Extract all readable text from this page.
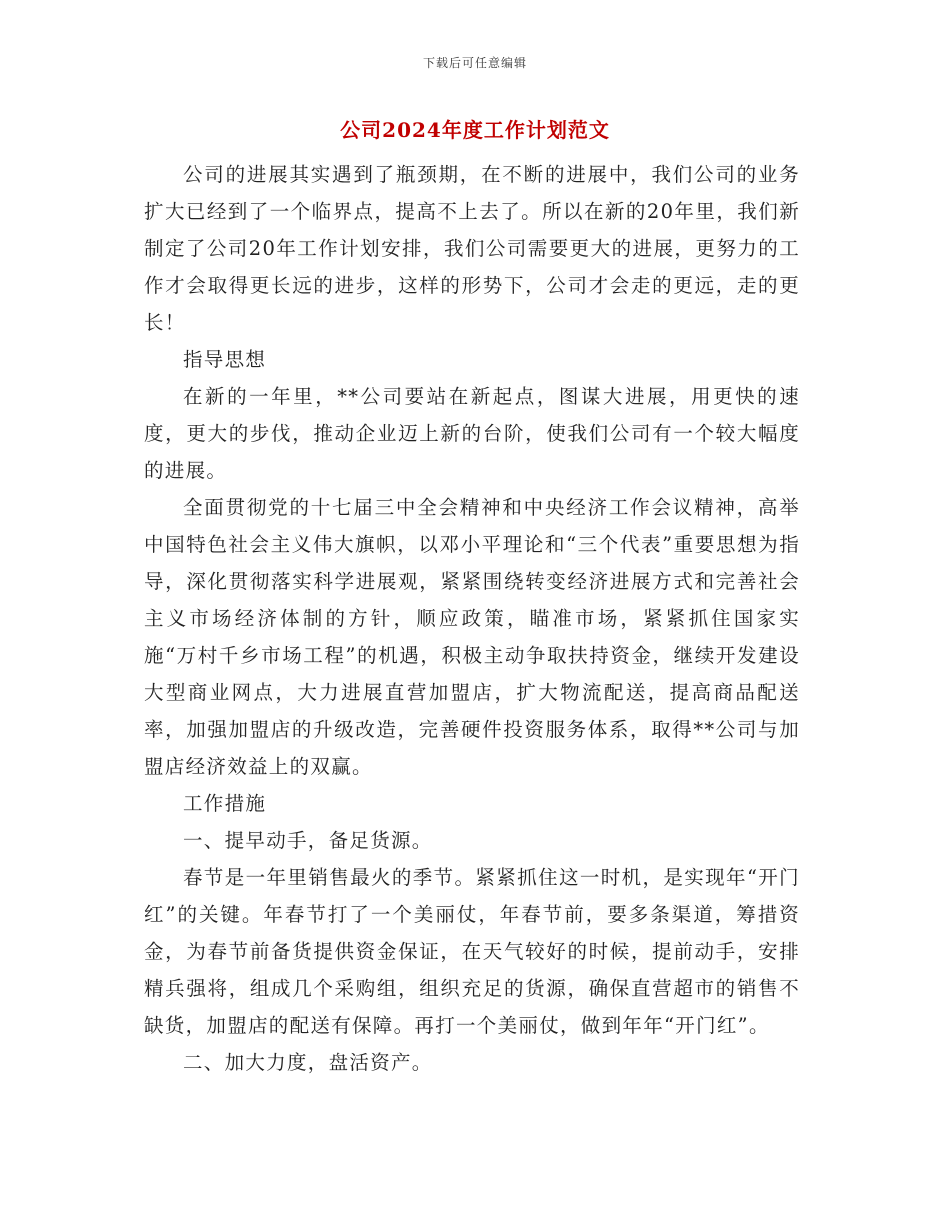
下载后可任意编辑
公司2024年度工作计划范文

公司的进展其实遇到了瓶颈期，在不断的进展中，我们公司的业务扩大已经到了一个临界点，提高不上去了。所以在新的20年里，我们新制定了公司20年工作计划安排，我们公司需要更大的进展，更努力的工作才会取得更长远的进步，这样的形势下，公司才会走的更远，走的更长！

指导思想

在新的一年里，**公司要站在新起点，图谋大进展，用更快的速度，更大的步伐，推动企业迈上新的台阶，使我们公司有一个较大幅度的进展。

全面贯彻党的十七届三中全会精神和中央经济工作会议精神，高举中国特色社会主义伟大旗帜，以邓小平理论和“三个代表”重要思想为指导，深化贯彻落实科学进展观，紧紧围绕转变经济进展方式和完善社会主义市场经济体制的方针，顺应政策，瞄准市场，紧紧抓住国家实施“万村千乡市场工程”的机遇，积极主动争取扶持资金，继续开发建设大型商业网点，大力进展直营加盟店，扩大物流配送，提高商品配送率，加强加盟店的升级改造，完善硬件投资服务体系，取得**公司与加盟店经济效益上的双赢。

工作措施

一、提早动手，备足货源。

春节是一年里销售最火的季节。紧紧抓住这一时机，是实现年“开门红”的关键。年春节打了一个美丽仗，年春节前，要多条渠道，筹措资金，为春节前备货提供资金保证，在天气较好的时候，提前动手，安排精兵强将，组成几个采购组，组织充足的货源，确保直营超市的销售不缺货，加盟店的配送有保障。再打一个美丽仗，做到年年“开门红”。

二、加大力度，盘活资产。
